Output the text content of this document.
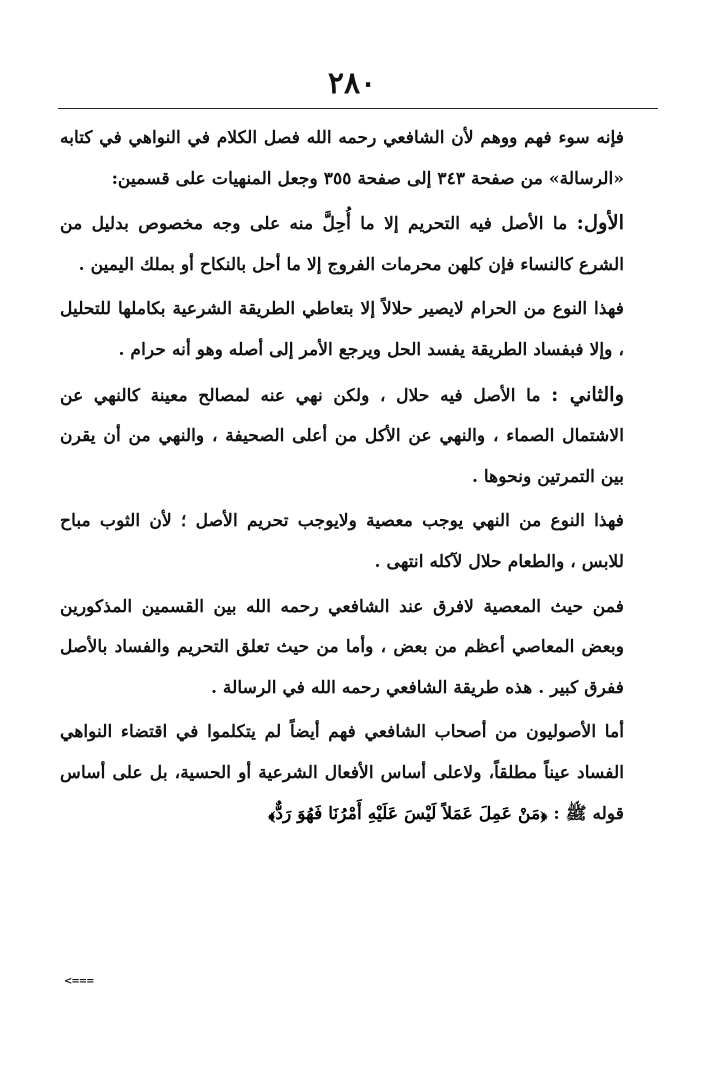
٢٨٠

فإنه سوء فهم ووهم لأن الشافعي رحمه الله فصل الكلام في النواهي في كتابه «الرسالة» من صفحة ٣٤٣ إلى صفحة ٣٥٥ وجعل المنهيات على قسمين:

الأول: ما الأصل فيه التحريم إلا ما أُحِلَّ منه على وجه مخصوص بدليل من الشرع كالنساء فإن كلهن محرمات الفروج إلا ما أحل بالنكاح أو بملك اليمين .

فهذا النوع من الحرام لايصير حلالاً إلا بتعاطي الطريقة الشرعية بكاملها للتحليل ، وإلا فبفساد الطريقة يفسد الحل ويرجع الأمر إلى أصله وهو أنه حرام .

والثاني : ما الأصل فيه حلال ، ولكن نهي عنه لمصالح معينة كالنهي عن الاشتمال الصماء ، والنهي عن الأكل من أعلى الصحيفة ، والنهي من أن يقرن بين التمرتين ونحوها .

فهذا النوع من النهي يوجب معصية ولايوجب تحريم الأصل ؛ لأن الثوب مباح للابس ، والطعام حلال لآكله انتهى .

فمن حيث المعصية لافرق عند الشافعي رحمه الله بين القسمين المذكورين وبعض المعاصي أعظم من بعض ، وأما من حيث تعلق التحريم والفساد بالأصل ففرق كبير . هذه طريقة الشافعي رحمه الله في الرسالة .

أما الأصوليون من أصحاب الشافعي فهم أيضاً لم يتكلموا في اقتضاء النواهي الفساد عيناً مطلقاً، ولاعلى أساس الأفعال الشرعية أو الحسية، بل على أساس قوله ﷺ : ﴿مَنْ عَمِلَ عَمَلاً لَيْسَ عَلَيْهِ أَمْرُنَا فَهُوَ رَدٌّ﴾

<===
